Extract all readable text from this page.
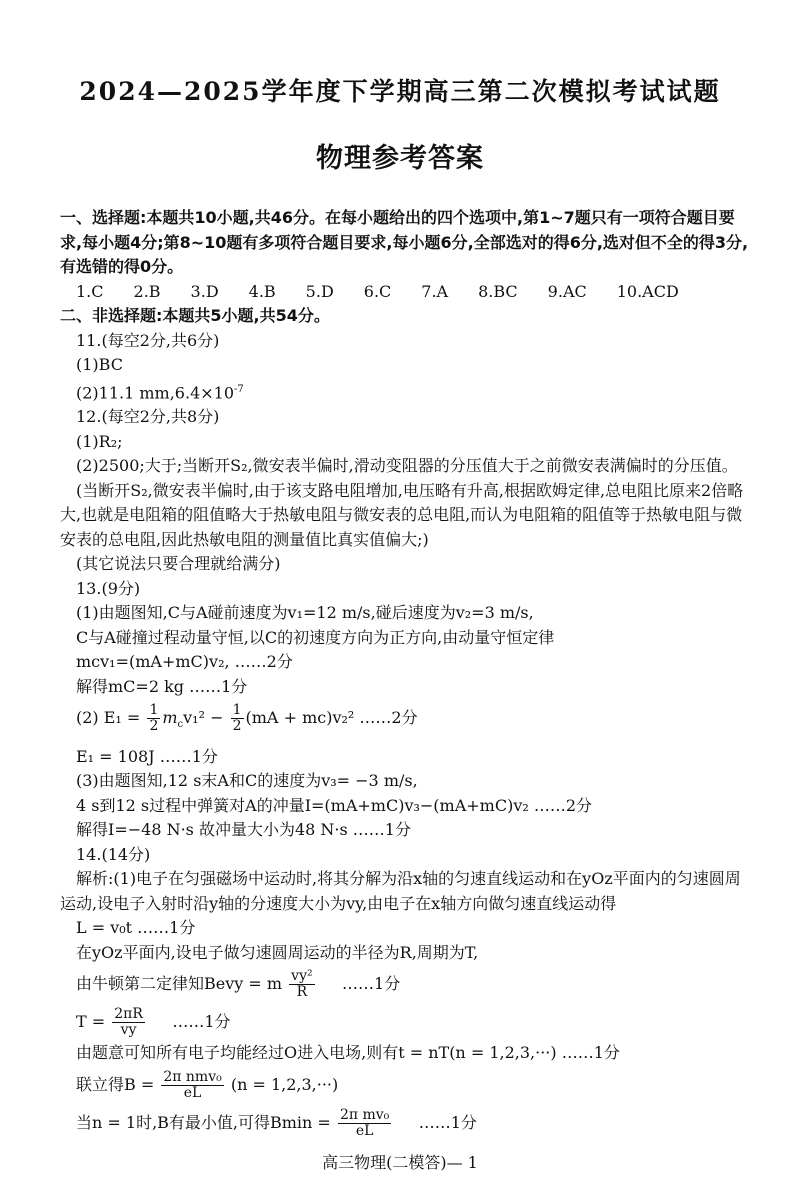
2024—2025学年度下学期高三第二次模拟考试试题
物理参考答案
一、选择题:本题共10小题,共46分。在每小题给出的四个选项中,第1~7题只有一项符合题目要求,每小题4分;第8~10题有多项符合题目要求,每小题6分,全部选对的得6分,选对但不全的得3分,有选错的得0分。
1.C 2.B 3.D 4.B 5.D 6.C 7.A 8.BC 9.AC 10.ACD
二、非选择题:本题共5小题,共54分。
11.(每空2分,共6分)
(1)BC
(2)11.1 $mm,6.4\times 10^{-7}$
12.(每空2分,共8分)
(1)R₂;
(2)2500;大于;当断开S₂,微安表半偏时,滑动变阻器的分压值大于之前微安表满偏时的分压值。
(当断开S₂,微安表半偏时,由于该支路电阻增加,电压略有升高,根据欧姆定律,总电阻比原来2倍略大,也就是电阻箱的阻值略大于热敏电阻与微安表的总电阻,而认为电阻箱的阻值等于热敏电阻与微安表的总电阻,因此热敏电阻的测量值比真实值偏大;)
(其它说法只要合理就给满分)
13.(9分)
(1)由题图知,C与A碰前速度为v₁=12 m/s,碰后速度为v₂=3 m/s,
C与A碰撞过程动量守恒,以C的初速度方向为正方向,由动量守恒定律
mcv₁=(mA+mC)v₂, ……2分
解得mC=2 kg ……1分
(2) $E_1 = \frac{1}{2} m_cv_1^2 - \frac{1}{2} (mA + mc)v_2^2$ ……2分
E₁ = 108J ……1分
(3)由题图知,12 s末A和C的速度为v₃= −3 m/s,
4 s到12 s过程中弹簧对A的冲量I=(mA+mC)v₃−(mA+mC)v₂ ……2分
解得I=−48 N·s 故冲量大小为48 N·s ……1分
14.(14分)
解析:(1)电子在匀强磁场中运动时,将其分解为沿x轴的匀速直线运动和在yOz平面内的匀速圆周运动,设电子入射时沿y轴的分速度大小为vy,由电子在x轴方向做匀速直线运动得
L = v₀t ……1分
在yOz平面内,设电子做匀速圆周运动的半径为R,周期为T,
由牛顿第二定律知Bevy = m $\frac{\text{vy²}}{R}$ ……1分
$T = \frac{2\pi R}{vy}$ ……1分
由题意可知所有电子均能经过O进入电场,则有t = nT(n = 1,2,3,···) ……1分
联立得$B = \frac{\text{2π nmv₀}}{eL} (n = 1,2,3,\cdot\cdot\cdot)$
当n = 1时,B有最小值,可得$Bmin = \frac{\text{2π mv₀}}{eL}$ ……1分
高三物理(二模答)— 1
